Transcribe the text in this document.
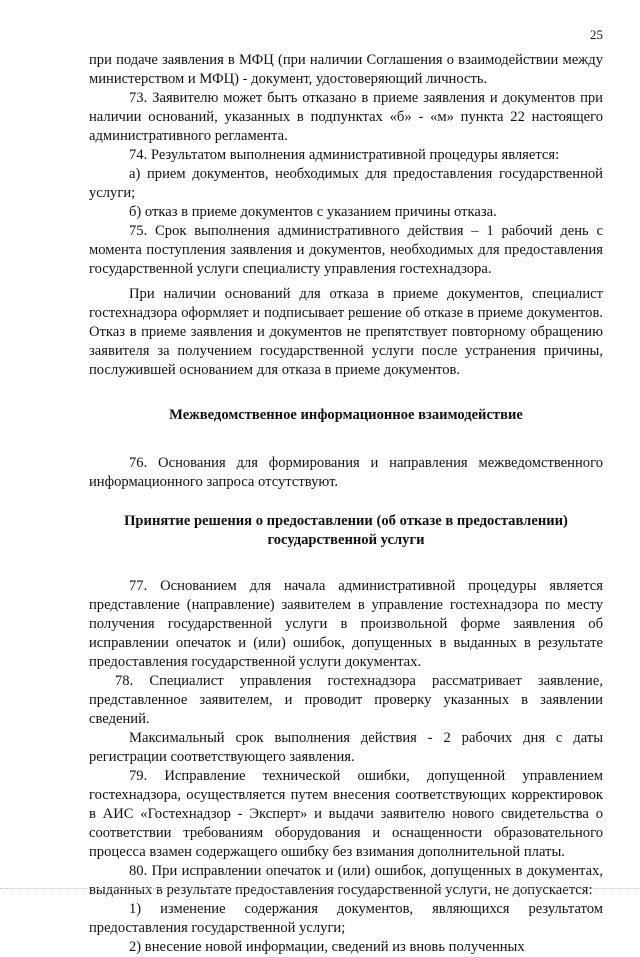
25

при подаче заявления в МФЦ (при наличии Соглашения о взаимодействии между министерством и МФЦ) - документ, удостоверяющий личность.

73. Заявителю может быть отказано в приеме заявления и документов при наличии оснований, указанных в подпунктах «б» - «м» пункта 22 настоящего административного регламента.

74. Результатом выполнения административной процедуры является:

а) прием документов, необходимых для предоставления государственной услуги;

б) отказ в приеме документов с указанием причины отказа.

75. Срок выполнения административного действия – 1 рабочий день с момента поступления заявления и документов, необходимых для предоставления государственной услуги специалисту управления гостехнадзора.

При наличии оснований для отказа в приеме документов, специалист гостехнадзора оформляет и подписывает решение об отказе в приеме документов. Отказ в приеме заявления и документов не препятствует повторному обращению заявителя за получением государственной услуги после устранения причины, послужившей основанием для отказа в приеме документов.

Межведомственное информационное взаимодействие

76. Основания для формирования и направления межведомственного информационного запроса отсутствуют.

Принятие решения о предоставлении (об отказе в предоставлении) государственной услуги

77. Основанием для начала административной процедуры является представление (направление) заявителем в управление гостехнадзора по месту получения государственной услуги в произвольной форме заявления об исправлении опечаток и (или) ошибок, допущенных в выданных в результате предоставления государственной услуги документах.

78. Специалист управления гостехнадзора рассматривает заявление, представленное заявителем, и проводит проверку указанных в заявлении сведений.

Максимальный срок выполнения действия - 2 рабочих дня с даты регистрации соответствующего заявления.

79. Исправление технической ошибки, допущенной управлением гостехнадзора, осуществляется путем внесения соответствующих корректировок в АИС «Гостехнадзор - Эксперт» и выдачи заявителю нового свидетельства о соответствии требованиям оборудования и оснащенности образовательного процесса взамен содержащего ошибку без взимания дополнительной платы.

80. При исправлении опечаток и (или) ошибок, допущенных в документах, выданных в результате предоставления государственной услуги, не допускается:

1) изменение содержания документов, являющихся результатом предоставления государственной услуги;

2) внесение новой информации, сведений из вновь полученных
